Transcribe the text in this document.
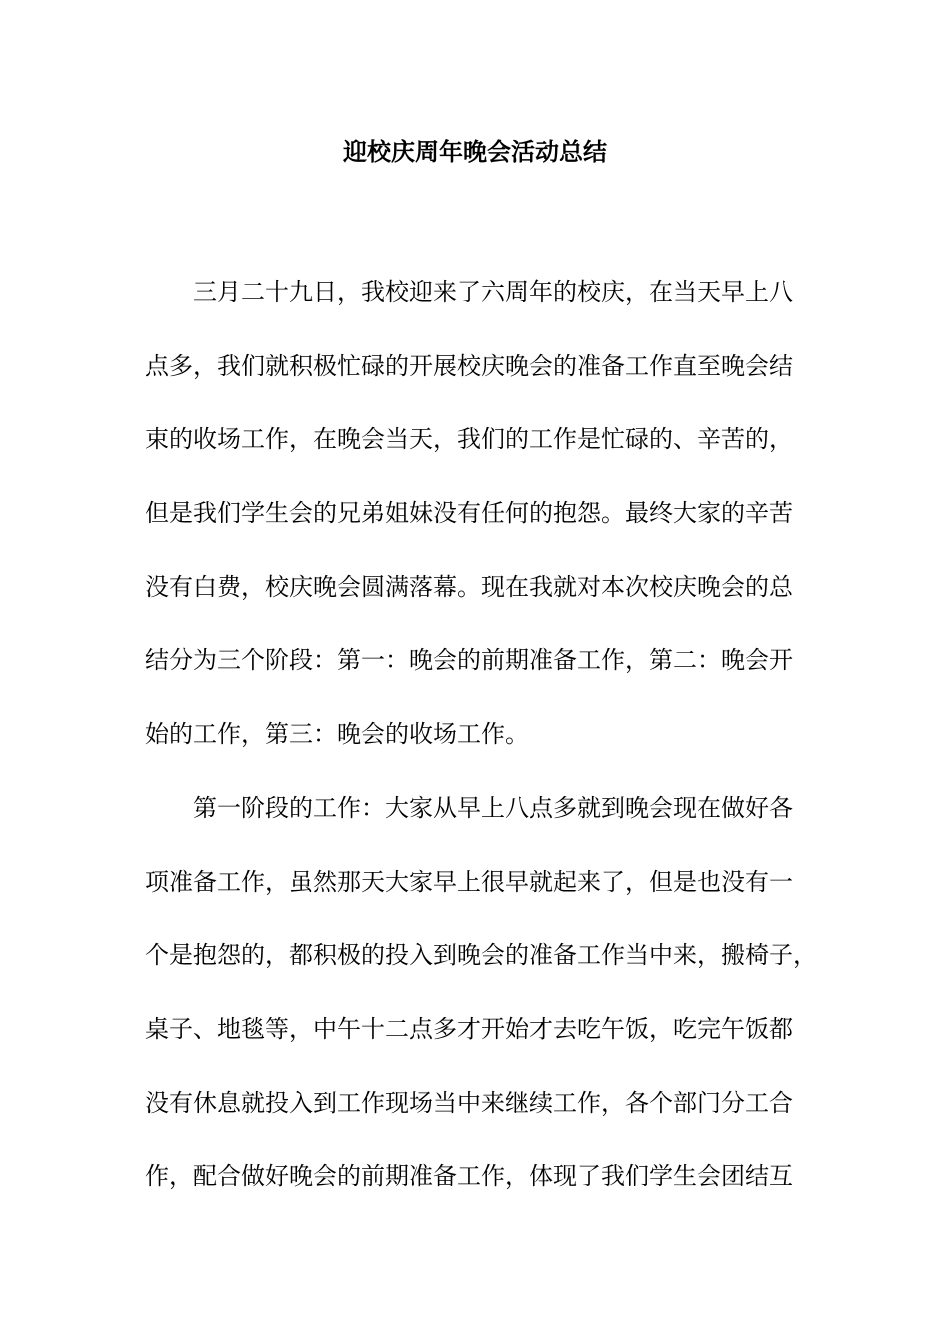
迎校庆周年晚会活动总结
三月二十九日，我校迎来了六周年的校庆，在当天早上八
点多，我们就积极忙碌的开展校庆晚会的准备工作直至晚会结
束的收场工作，在晚会当天，我们的工作是忙碌的、辛苦的，
但是我们学生会的兄弟姐妹没有任何的抱怨。最终大家的辛苦
没有白费，校庆晚会圆满落幕。现在我就对本次校庆晚会的总
结分为三个阶段：第一：晚会的前期准备工作，第二：晚会开
始的工作，第三：晚会的收场工作。
第一阶段的工作：大家从早上八点多就到晚会现在做好各
项准备工作，虽然那天大家早上很早就起来了，但是也没有一
个是抱怨的，都积极的投入到晚会的准备工作当中来，搬椅子，
桌子、地毯等，中午十二点多才开始才去吃午饭，吃完午饭都
没有休息就投入到工作现场当中来继续工作，各个部门分工合
作，配合做好晚会的前期准备工作，体现了我们学生会团结互
